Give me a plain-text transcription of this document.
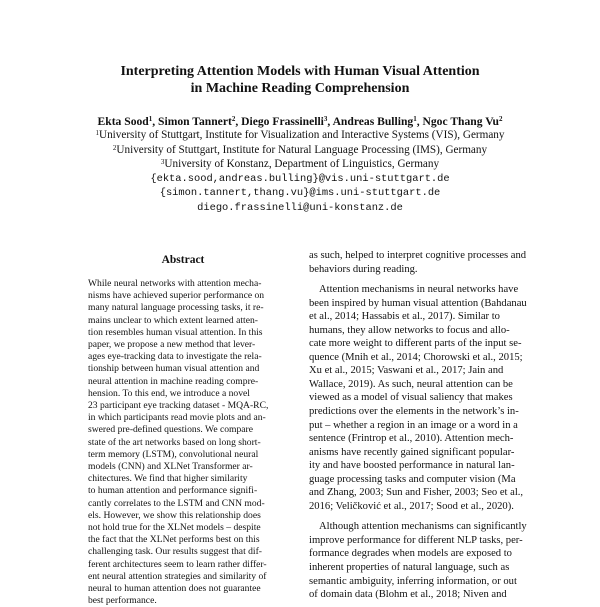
Interpreting Attention Models with Human Visual Attention
in Machine Reading Comprehension
Ekta Sood$^1$, Simon Tannert$^2$, Diego Frassinelli$^3$, Andreas Bulling$^1$, Ngoc Thang Vu$^2$
$^1$University of Stuttgart, Institute for Visualization and Interactive Systems (VIS), Germany
$^2$University of Stuttgart, Institute for Natural Language Processing (IMS), Germany
$^3$University of Konstanz, Department of Linguistics, Germany
{ekta.sood,andreas.bulling}@vis.uni-stuttgart.de
{simon.tannert,thang.vu}@ims.uni-stuttgart.de
diego.frassinelli@uni-konstanz.de
Abstract
While neural networks with attention mecha-
nisms have achieved superior performance on
many natural language processing tasks, it re-
mains unclear to which extent learned atten-
tion resembles human visual attention. In this
paper, we propose a new method that lever-
ages eye-tracking data to investigate the rela-
tionship between human visual attention and
neural attention in machine reading compre-
hension. To this end, we introduce a novel
23 participant eye tracking dataset - MQA-RC,
in which participants read movie plots and an-
swered pre-defined questions. We compare
state of the art networks based on long short-
term memory (LSTM), convolutional neural
models (CNN) and XLNet Transformer ar-
chitectures. We find that higher similarity
to human attention and performance signifi-
cantly correlates to the LSTM and CNN mod-
els. However, we show this relationship does
not hold true for the XLNet models – despite
the fact that the XLNet performs best on this
challenging task. Our results suggest that dif-
ferent architectures seem to learn rather differ-
ent neural attention strategies and similarity of
neural to human attention does not guarantee
best performance.
as such, helped to interpret cognitive processes and
behaviors during reading.
Attention mechanisms in neural networks have
been inspired by human visual attention (Bahdanau
et al., 2014; Hassabis et al., 2017). Similar to
humans, they allow networks to focus and allo-
cate more weight to different parts of the input se-
quence (Mnih et al., 2014; Chorowski et al., 2015;
Xu et al., 2015; Vaswani et al., 2017; Jain and
Wallace, 2019). As such, neural attention can be
viewed as a model of visual saliency that makes
predictions over the elements in the network’s in-
put – whether a region in an image or a word in a
sentence (Frintrop et al., 2010). Attention mech-
anisms have recently gained significant popular-
ity and have boosted performance in natural lan-
guage processing tasks and computer vision (Ma
and Zhang, 2003; Sun and Fisher, 2003; Seo et al.,
2016; Veličković et al., 2017; Sood et al., 2020).
Although attention mechanisms can significantly
improve performance for different NLP tasks, per-
formance degrades when models are exposed to
inherent properties of natural language, such as
semantic ambiguity, inferring information, or out
of domain data (Blohm et al., 2018; Niven and
